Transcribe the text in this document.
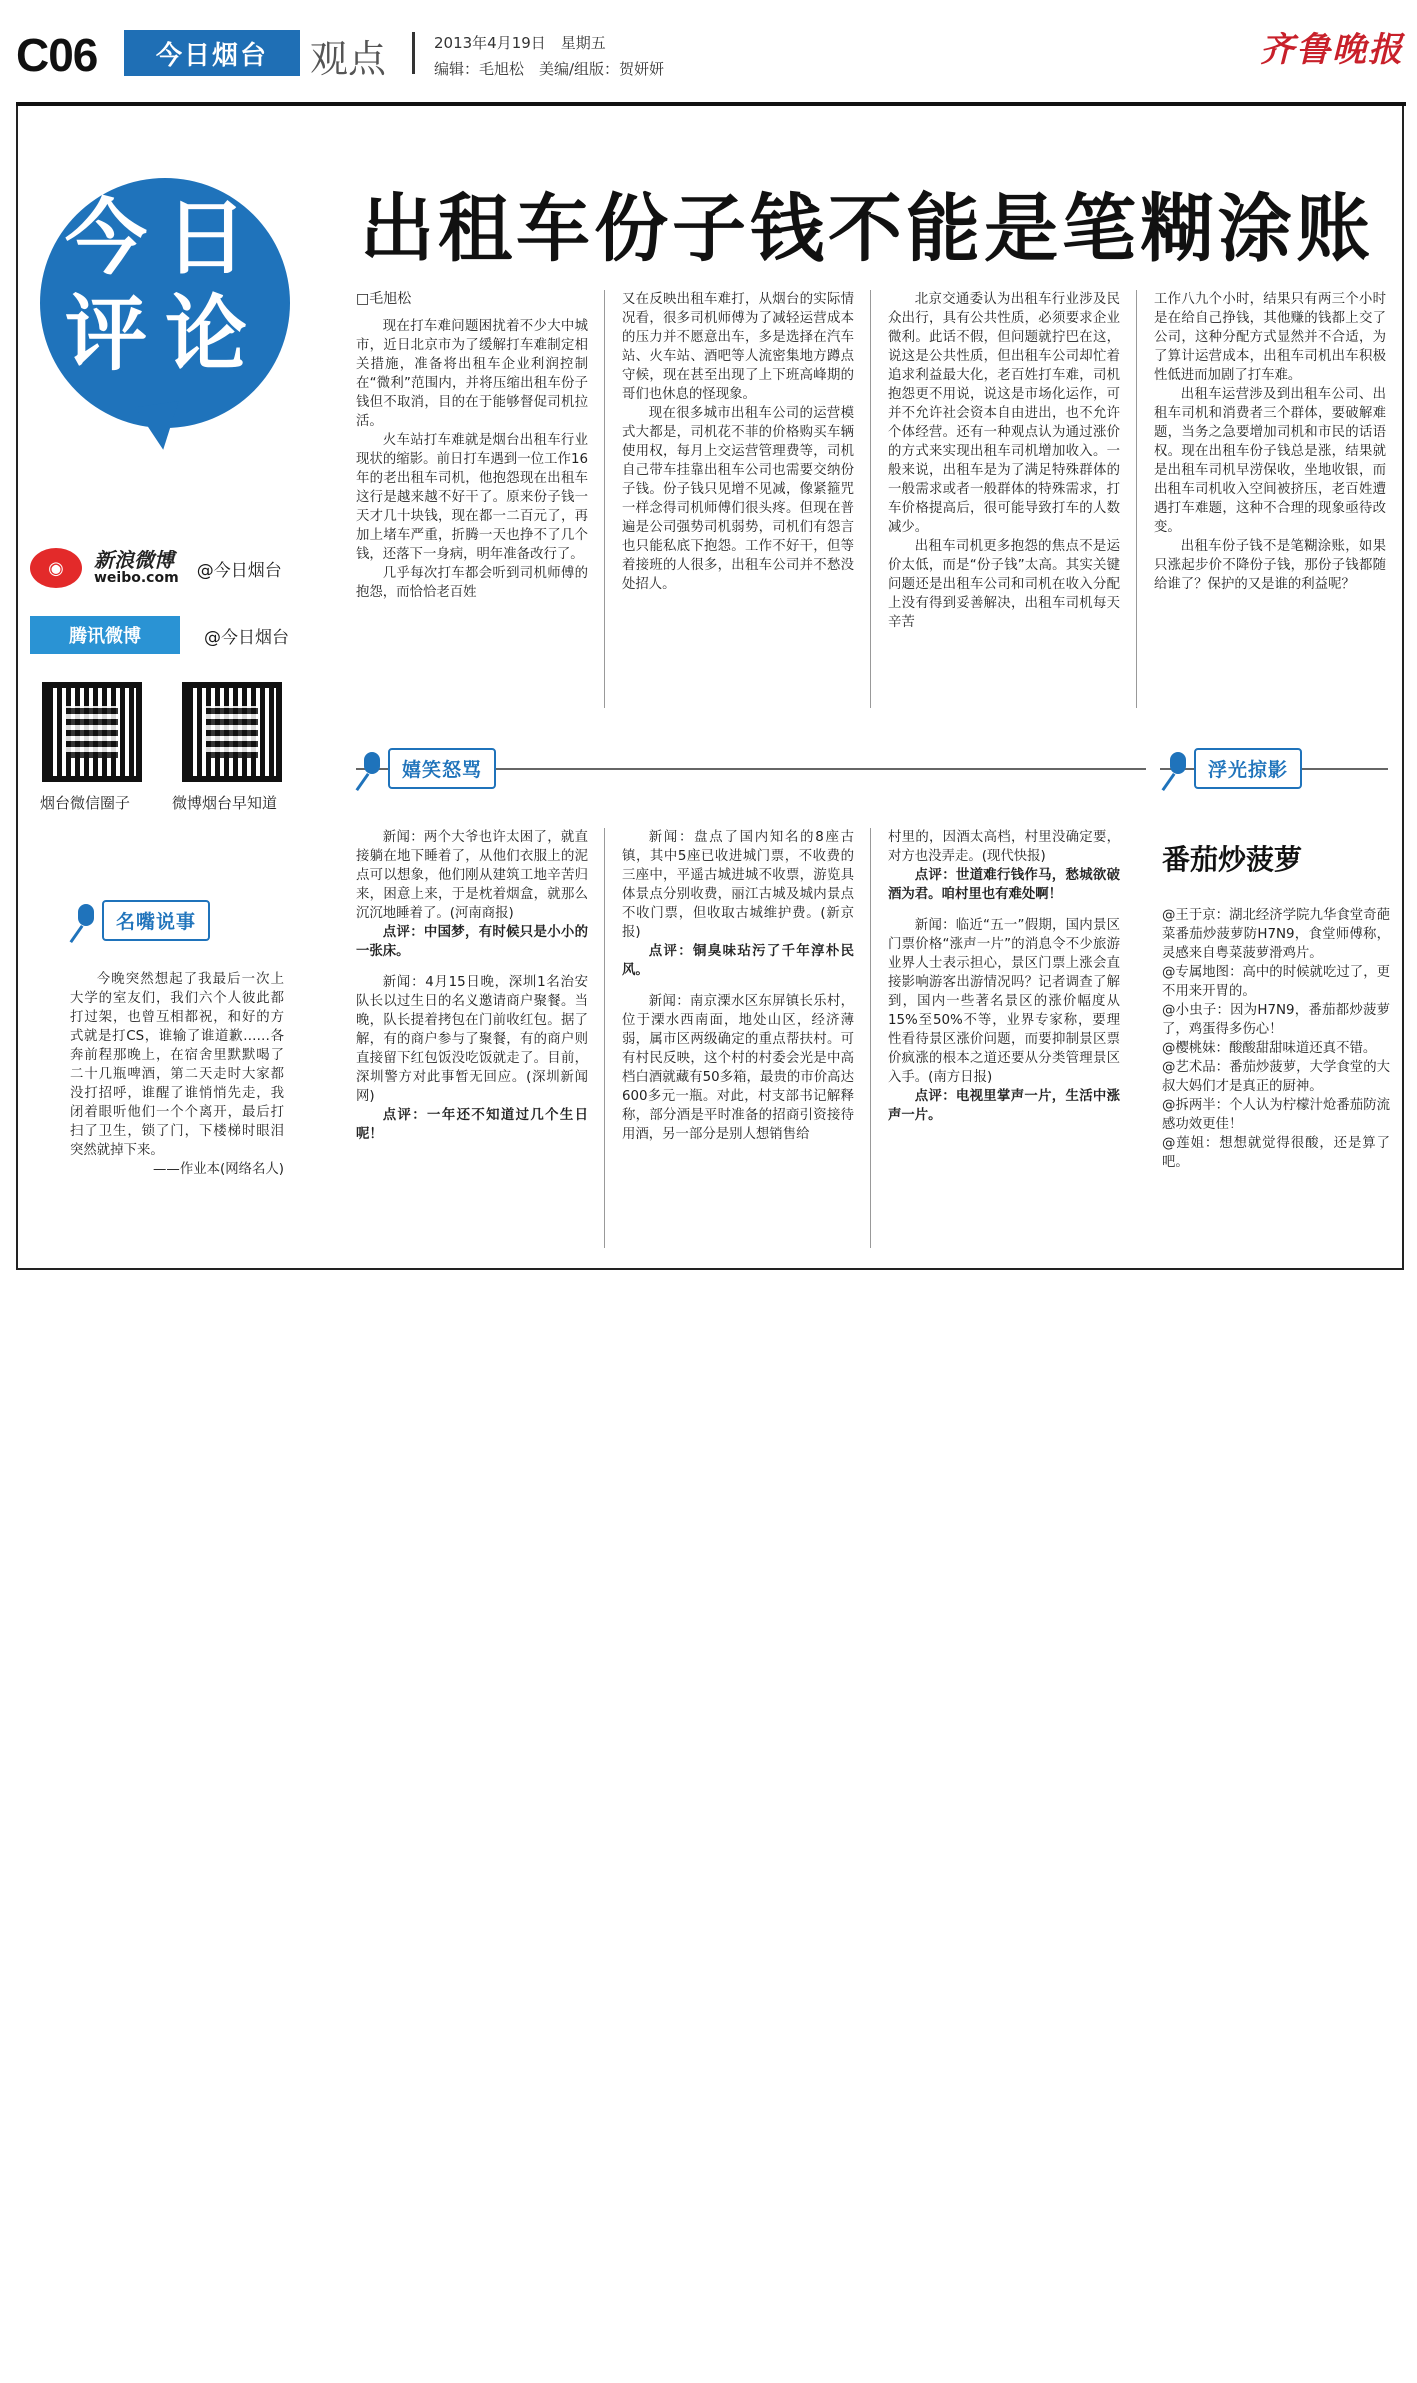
C06	今日烟台	观点	2013年4月19日　星期五
编辑：毛旭松　美编/组版：贺妍妍	齐鲁晚报
今日
评论
出租车份子钱不能是笔糊涂账
◉	新浪微博
weibo.com @今日烟台
腾讯微博	@今日烟台
烟台微信圈子	微博烟台早知道
□毛旭松

现在打车难问题困扰着不少大中城市，近日北京市为了缓解打车难制定相关措施，准备将出租车企业利润控制在“微利”范围内，并将压缩出租车份子钱但不取消，目的在于能够督促司机拉活。

火车站打车难就是烟台出租车行业现状的缩影。前日打车遇到一位工作16年的老出租车司机，他抱怨现在出租车这行是越来越不好干了。原来份子钱一天才几十块钱，现在都一二百元了，再加上堵车严重，折腾一天也挣不了几个钱，还落下一身病，明年准备改行了。

几乎每次打车都会听到司机师傅的抱怨，而恰恰老百姓

又在反映出租车难打，从烟台的实际情况看，很多司机师傅为了减轻运营成本的压力并不愿意出车，多是选择在汽车站、火车站、酒吧等人流密集地方蹲点守候，现在甚至出现了上下班高峰期的哥们也休息的怪现象。

现在很多城市出租车公司的运营模式大都是，司机花不菲的价格购买车辆使用权，每月上交运营管理费等，司机自己带车挂靠出租车公司也需要交纳份子钱。份子钱只见增不见减，像紧箍咒一样念得司机师傅们很头疼。但现在普遍是公司强势司机弱势，司机们有怨言也只能私底下抱怨。工作不好干，但等着接班的人很多，出租车公司并不愁没处招人。

北京交通委认为出租车行业涉及民众出行，具有公共性质，必须要求企业微利。此话不假，但问题就拧巴在这，说这是公共性质，但出租车公司却忙着追求利益最大化，老百姓打车难，司机抱怨更不用说，说这是市场化运作，可并不允许社会资本自由进出，也不允许个体经营。还有一种观点认为通过涨价的方式来实现出租车司机增加收入。一般来说，出租车是为了满足特殊群体的一般需求或者一般群体的特殊需求，打车价格提高后，很可能导致打车的人数减少。

出租车司机更多抱怨的焦点不是运价太低，而是“份子钱”太高。其实关键问题还是出租车公司和司机在收入分配上没有得到妥善解决，出租车司机每天辛苦

工作八九个小时，结果只有两三个小时是在给自己挣钱，其他赚的钱都上交了公司，这种分配方式显然并不合适，为了算计运营成本，出租车司机出车积极性低进而加剧了打车难。

出租车运营涉及到出租车公司、出租车司机和消费者三个群体，要破解难题，当务之急要增加司机和市民的话语权。现在出租车份子钱总是涨，结果就是出租车司机早涝保收，坐地收银，而出租车司机收入空间被挤压，老百姓遭遇打车难题，这种不合理的现象亟待改变。

出租车份子钱不是笔糊涂账，如果只涨起步价不降份子钱，那份子钱都随给谁了？保护的又是谁的利益呢？

嬉笑怒骂	浮光掠影
名嘴说事

今晚突然想起了我最后一次上大学的室友们，我们六个人彼此都打过架，也曾互相都祝，和好的方式就是打CS，谁输了谁道歉……各奔前程那晚上，在宿舍里默默喝了二十几瓶啤酒，第二天走时大家都没打招呼，谁醒了谁悄悄先走，我闭着眼听他们一个个离开，最后打扫了卫生，锁了门，下楼梯时眼泪突然就掉下来。

——作业本(网络名人)

新闻：两个大爷也许太困了，就直接躺在地下睡着了，从他们衣服上的泥点可以想象，他们刚从建筑工地辛苦归来，困意上来，于是枕着烟盒，就那么沉沉地睡着了。(河南商报)

点评：中国梦，有时候只是小小的一张床。

新闻：4月15日晚，深圳1名治安队长以过生日的名义邀请商户聚餐。当晚，队长提着拷包在门前收红包。据了解，有的商户参与了聚餐，有的商户则直接留下红包饭没吃饭就走了。目前，深圳警方对此事暂无回应。(深圳新闻网)

点评：一年还不知道过几个生日呢！

新闻：盘点了国内知名的8座古镇，其中5座已收进城门票，不收费的三座中，平遥古城进城不收票，游览具体景点分别收费，丽江古城及城内景点不收门票，但收取古城维护费。(新京报)

点评：铜臭味玷污了千年淳朴民风。

新闻：南京溧水区东屏镇长乐村，位于溧水西南面，地处山区，经济薄弱，属市区两级确定的重点帮扶村。可有村民反映，这个村的村委会光是中高档白酒就藏有50多箱，最贵的市价高达600多元一瓶。对此，村支部书记解释称，部分酒是平时准备的招商引资接待用酒，另一部分是别人想销售给

村里的，因酒太高档，村里没确定要，对方也没弄走。(现代快报)

点评：世道难行钱作马，愁城欲破酒为君。咱村里也有难处啊！

新闻：临近“五一”假期，国内景区门票价格“涨声一片”的消息令不少旅游业界人士表示担心，景区门票上涨会直接影响游客出游情况吗？记者调查了解到，国内一些著名景区的涨价幅度从15%至50%不等，业界专家称，要理性看待景区涨价问题，而要抑制景区票价疯涨的根本之道还要从分类管理景区入手。(南方日报)

点评：电视里掌声一片，生活中涨声一片。

番茄炒菠萝
@王于京：湖北经济学院九华食堂奇葩菜番茄炒菠萝防H7N9，食堂师傅称，灵感来自粤菜菠萝滑鸡片。
@专属地图：高中的时候就吃过了，更不用来开胃的。
@小虫子：因为H7N9，番茄都炒菠萝了，鸡蛋得多伤心！
@樱桃妹：酸酸甜甜味道还真不错。
@艺术品：番茄炒菠萝，大学食堂的大叔大妈们才是真正的厨神。
@拆两半：个人认为柠檬汁炝番茄防流感功效更佳！
@莲姐：想想就觉得很酸，还是算了吧。
